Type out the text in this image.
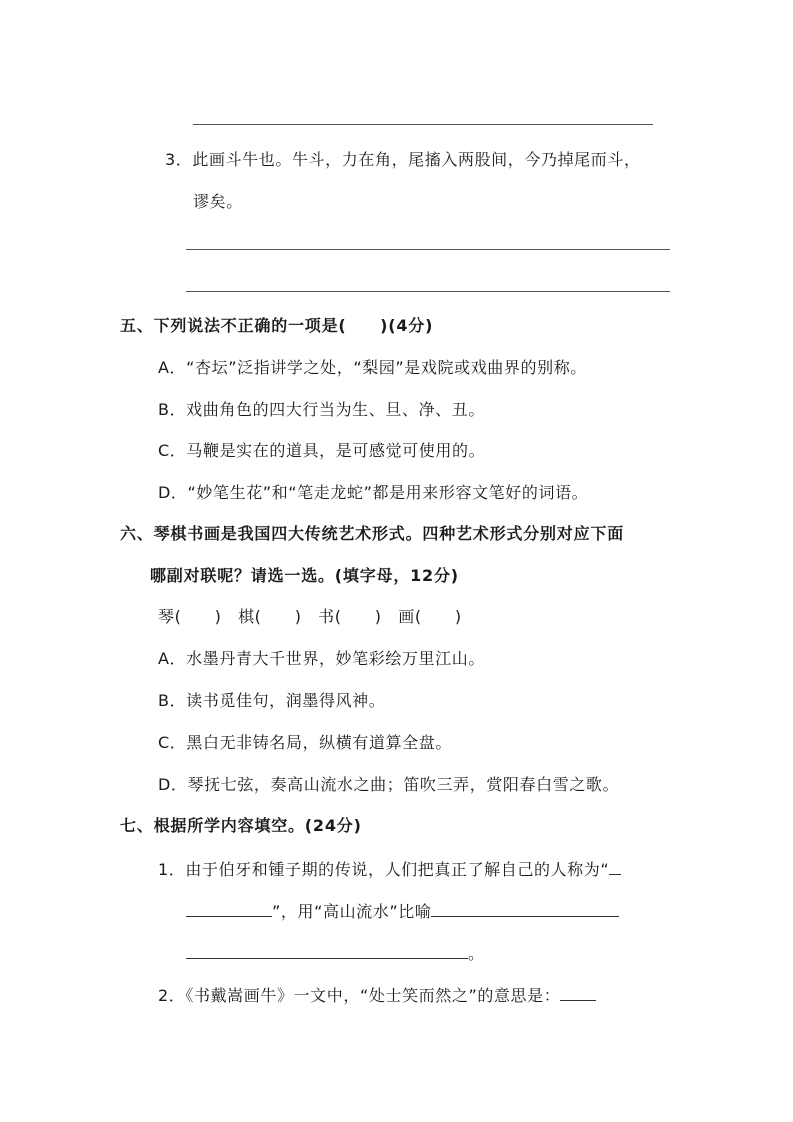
3．此画斗牛也。牛斗，力在角，尾搐入两股间，今乃掉尾而斗，
谬矣。
五、下列说法不正确的一项是(　　)(4分)
A．“杏坛”泛指讲学之处，“梨园”是戏院或戏曲界的别称。
B．戏曲角色的四大行当为生、旦、净、丑。
C．马鞭是实在的道具，是可感觉可使用的。
D．“妙笔生花”和“笔走龙蛇”都是用来形容文笔好的词语。
六、琴棋书画是我国四大传统艺术形式。四种艺术形式分别对应下面
哪副对联呢？请选一选。(填字母，12分)
琴(　　)　棋(　　)　书(　　)　画(　　)
A．水墨丹青大千世界，妙笔彩绘万里江山。
B．读书觅佳句，润墨得风神。
C．黑白无非铸名局，纵横有道算全盘。
D．琴抚七弦，奏高山流水之曲；笛吹三弄，赏阳春白雪之歌。
七、根据所学内容填空。(24分)
1．由于伯牙和锺子期的传说，人们把真正了解自己的人称为“
”，用“高山流水”比喻
。
2．《书戴嵩画牛》一文中，“处士笑而然之”的意思是：
